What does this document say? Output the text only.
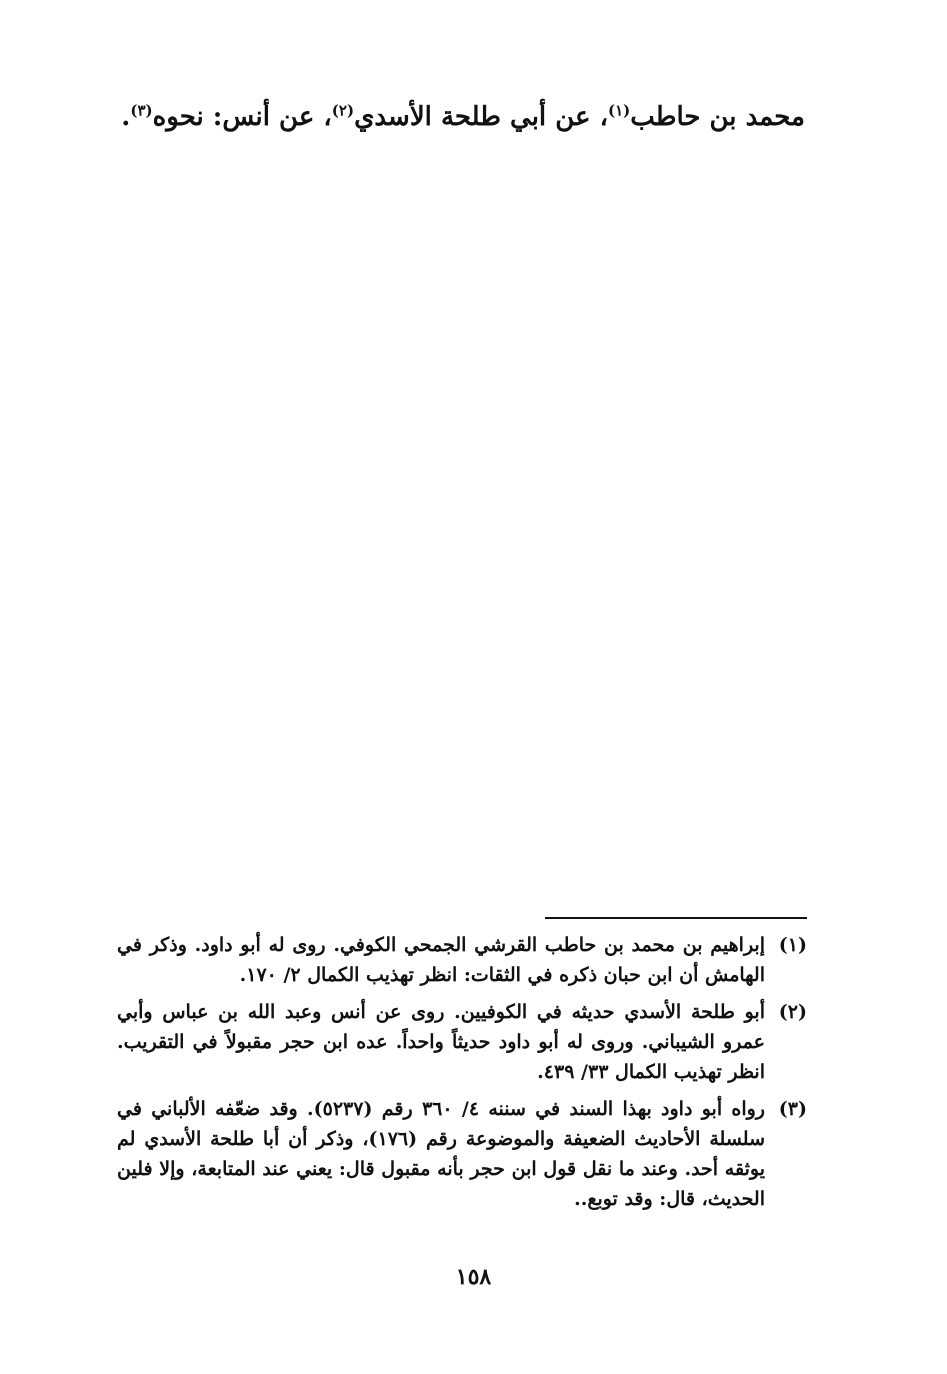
محمد بن حاطب$^{(١)}$، عن أبي طلحة الأسدي$^{(٢)}$، عن أنس: نحوه$^{(٣)}$.
(١)
إبراهيم بن محمد بن حاطب القرشي الجمحي الكوفي. روى له أبو داود. وذكر في الهامش أن ابن حبان ذكره في الثقات: انظر تهذيب الكمال ٢/ ١٧٠.
(٢)
أبو طلحة الأسدي حديثه في الكوفيين. روى عن أنس وعبد الله بن عباس وأبي عمرو الشيباني. وروى له أبو داود حديثاً واحداً. عده ابن حجر مقبولاً في التقريب. انظر تهذيب الكمال ٣٣/ ٤٣٩.
(٣)
رواه أبو داود بهذا السند في سننه ٤/ ٣٦٠ رقم (٥٢٣٧). وقد ضعّفه الألباني في سلسلة الأحاديث الضعيفة والموضوعة رقم (١٧٦)، وذكر أن أبا طلحة الأسدي لم يوثقه أحد. وعند ما نقل قول ابن حجر بأنه مقبول قال: يعني عند المتابعة، وإلا فلين الحديث، قال: وقد توبع..
١٥٨
